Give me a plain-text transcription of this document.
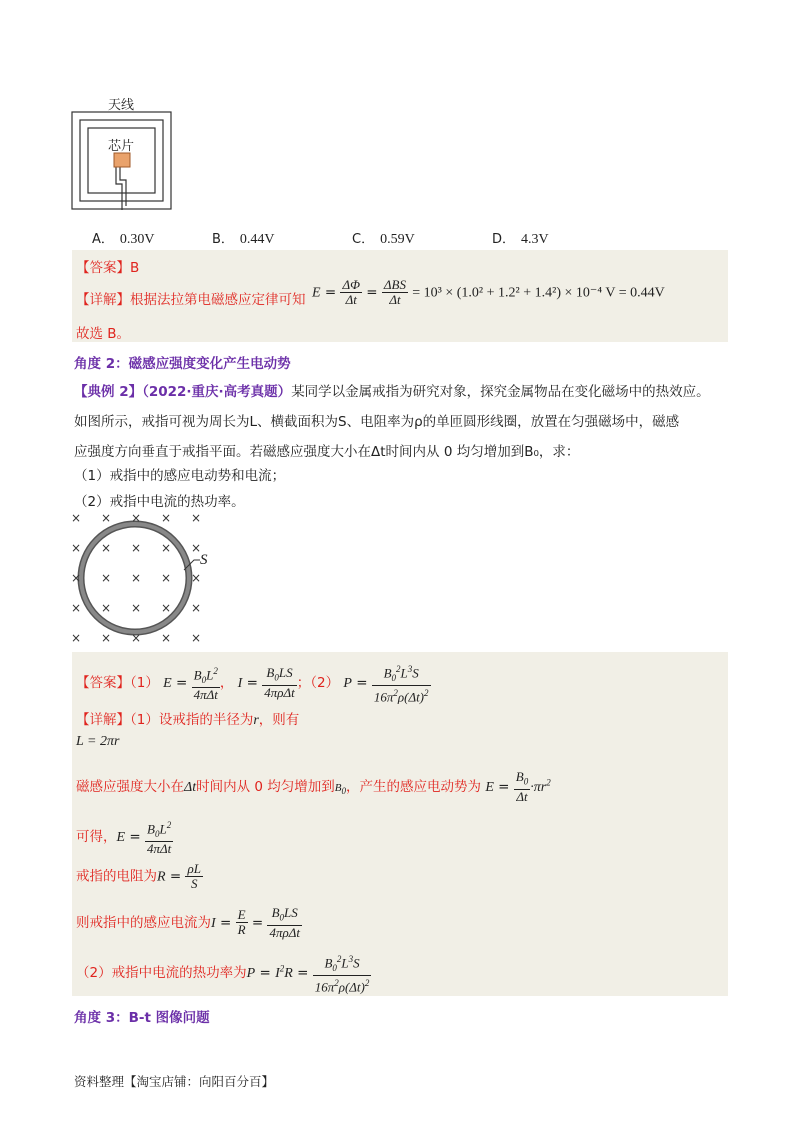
天线
芯片
A． 0.30V	B． 0.44V	C． 0.59V	D． 4.3V
【答案】B
【详解】根据法拉第电磁感应定律可知 $E = \frac{\Delta\Phi}{\Delta t} = \frac{\text{ΔBS}}{\Delta t} = 10^3 \times (1.0^2 + 1.2^2 + 1.4^2) \times 10^{-4}$ V = 0.44V
故选 B。
角度 2：磁感应强度变化产生电动势
【典例 2】（2022·重庆·高考真题）某同学以金属戒指为研究对象，探究金属物品在变化磁场中的热效应。
如图所示，戒指可视为周长为L、横截面积为S、电阻率为ρ的单匝圆形线圈，放置在匀强磁场中，磁感
应强度方向垂直于戒指平面。若磁感应强度大小在Δt时间内从 0 均匀增加到B₀，求：
（1）戒指中的感应电动势和电流；
（2）戒指中电流的热功率。
× × × × ×
× × × × ×
× × × × ×
× × × × ×
× × × × ×
S
【答案】（1） $E = \frac{B_0L^2}{\text{4πΔt}}$ ， $I = \frac{B_0LS}{\text{4πρΔt}}$ ；（2） $P = \frac{B_0^2L^3S}{16\pi^2\rho(\Delta t)^2}$
【详解】（1）设戒指的半径为r，则有
L = 2πr
磁感应强度大小在Δt时间内从 0 均匀增加到$B_0$，产生的感应电动势为 $E = \frac{B_0}{\Delta t} \cdot\pi r^2$
可得，$E = \frac{B_0L^2}{\text{4πΔt}}$
戒指的电阻为$R = \frac{\rho L}{S}$
则戒指中的感应电流为$I = \frac{E}{R} = \frac{B_0LS}{\text{4πρΔt}}$
（2）戒指中电流的热功率为$P = I^2R = \frac{B_0^2L^3S}{16\pi^2\rho(\Delta t)^2}$
角度 3：B-t 图像问题
资料整理【淘宝店铺：向阳百分百】
